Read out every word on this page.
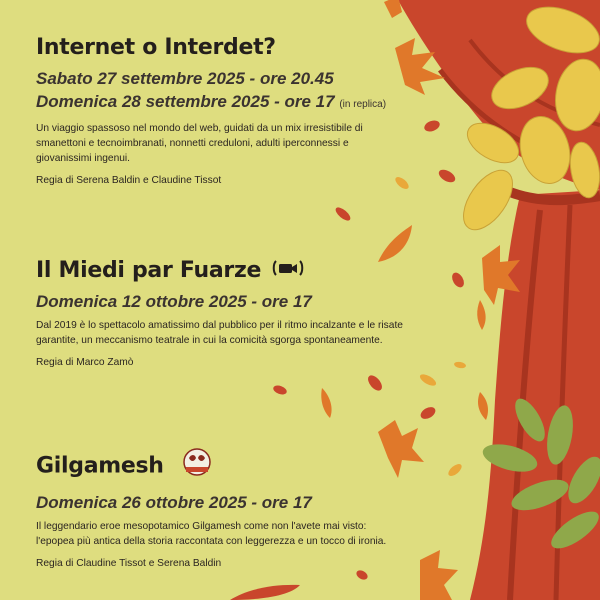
Internet o Interdet?
Sabato 27 settembre 2025 - ore 20.45
Domenica 28 settembre 2025 - ore 17 (in replica)
Un viaggio spassoso nel mondo del web, guidati da un mix irresistibile di
smanettoni e tecnoimbranati, nonnetti creduloni, adulti iperconnessi e
giovanissimi ingenui.
Regia di Serena Baldin e Claudine Tissot
Il Miedi par Fuarze
Domenica 12 ottobre 2025 - ore 17
Dal 2019 è lo spettacolo amatissimo dal pubblico per il ritmo incalzante e le risate
garantite, un meccanismo teatrale in cui la comicità sgorga spontaneamente.
Regia di Marco Zamò
Gilgamesh
Domenica 26 ottobre 2025 - ore 17
Il leggendario eroe mesopotamico Gilgamesh come non l'avete mai visto:
l'epopea più antica della storia raccontata con leggerezza e un tocco di ironia.
Regia di Claudine Tissot e Serena Baldin
